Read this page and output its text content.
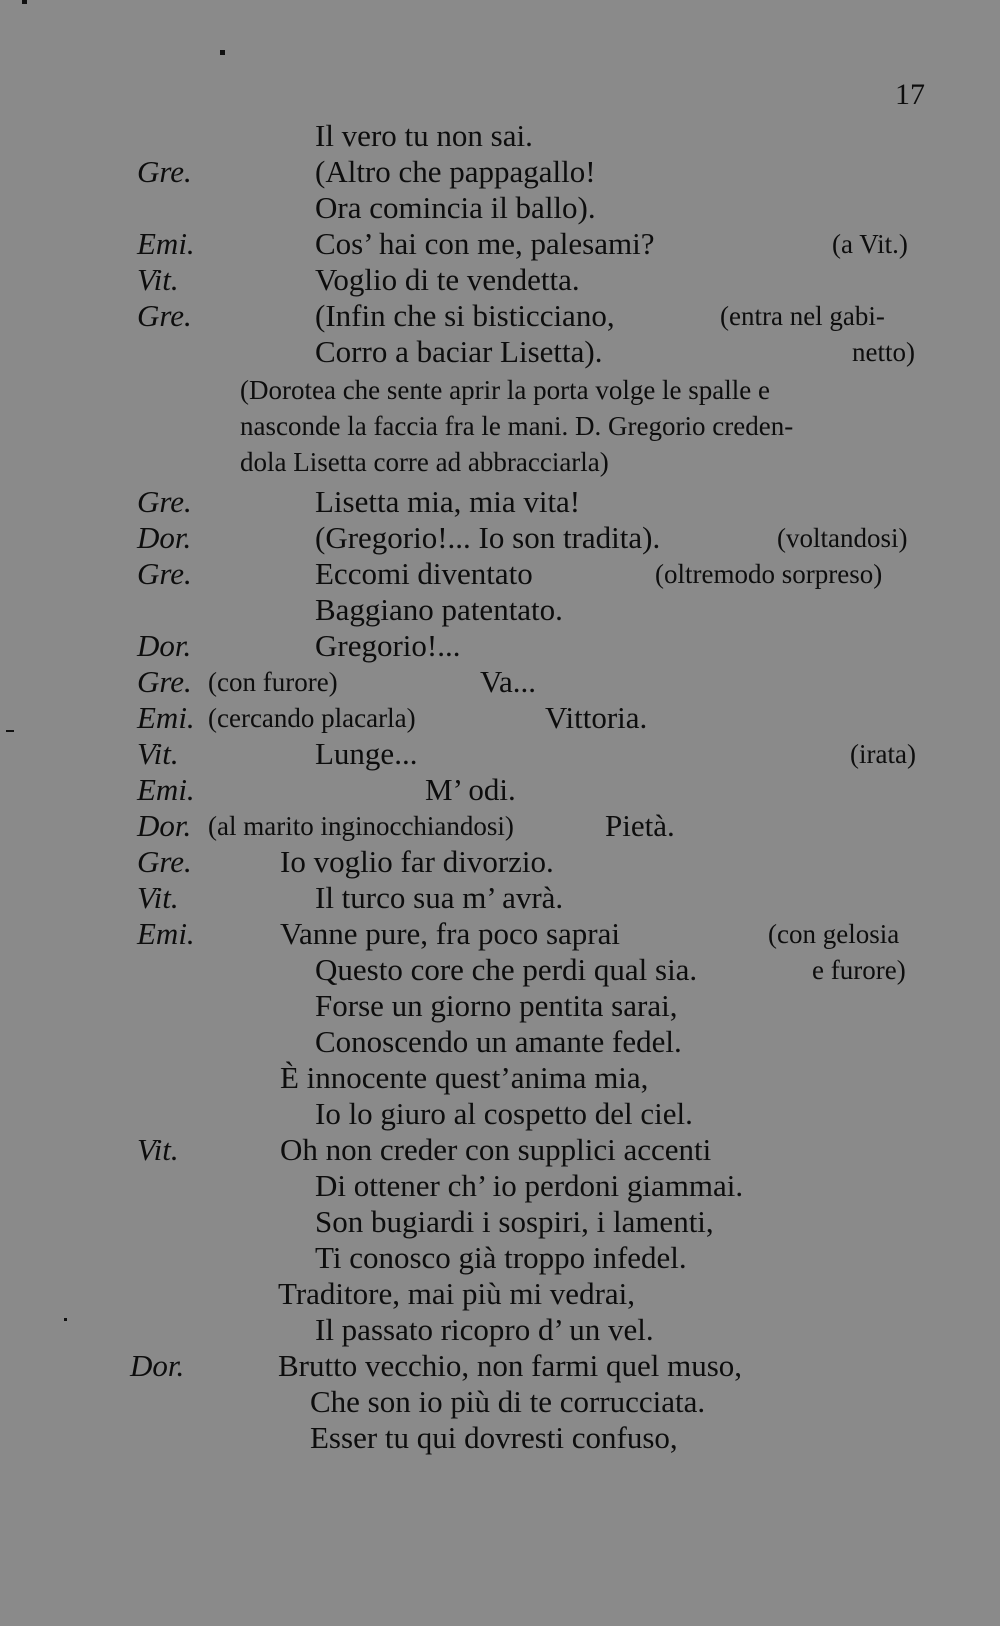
17
Il vero tu non sai.
Gre.	(Altro che pappagallo!
Ora comincia il ballo).
Emi.	Cos’ hai con me, palesami?	(a Vit.)
Vit.	Voglio di te vendetta.
Gre.	(Infin che si bisticciano,	(entra nel gabi-
Corro a baciar Lisetta).	netto)
(Dorotea che sente aprir la porta volge le spalle e
nasconde la faccia fra le mani. D. Gregorio creden-
dola Lisetta corre ad abbracciarla)
Gre.	Lisetta mia, mia vita!
Dor.	(Gregorio!... Io son tradita).	(voltandosi)
Gre.	Eccomi diventato	(oltremodo sorpreso)
Baggiano patentato.
Dor.	Gregorio!...
Gre. (con furore)	Va...
Emi. (cercando placarla)	Vittoria.
Vit.	Lunge...	(irata)
Emi.	M’ odi.
Dor. (al marito inginocchiandosi)	Pietà.
Gre.	Io voglio far divorzio.
Vit.	Il turco sua m’ avrà.
Emi.	Vanne pure, fra poco saprai	(con gelosia
Questo core che perdi qual sia.	e furore)
Forse un giorno pentita sarai,
Conoscendo un amante fedel.
È innocente quest’anima mia,
Io lo giuro al cospetto del ciel.
Vit.	Oh non creder con supplici accenti
Di ottener ch’ io perdoni giammai.
Son bugiardi i sospiri, i lamenti,
Ti conosco già troppo infedel.
Traditore, mai più mi vedrai,
Il passato ricopro d’ un vel.
Dor.	Brutto vecchio, non farmi quel muso,
Che son io più di te corrucciata.
Esser tu qui dovresti confuso,
